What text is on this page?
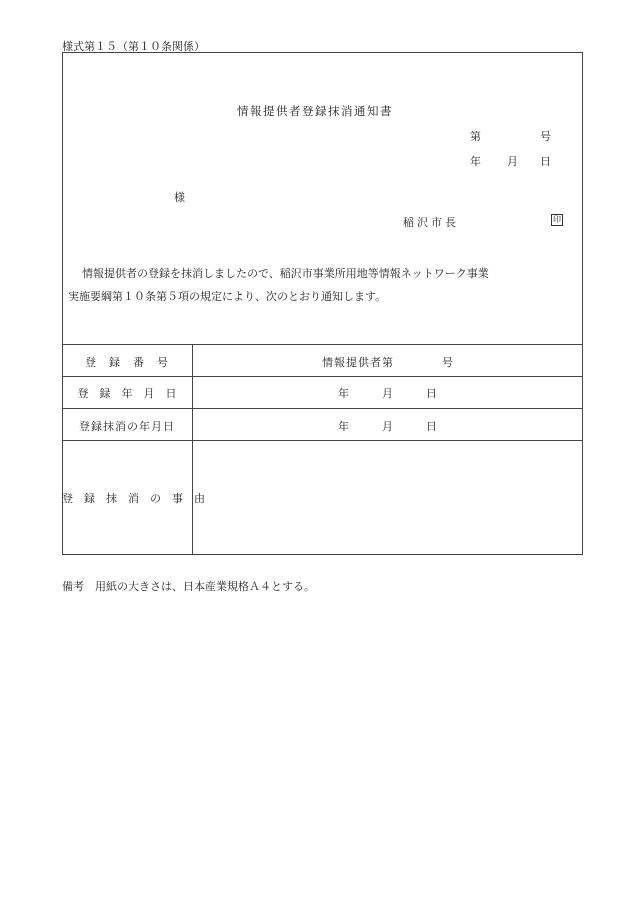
様式第１５（第１０条関係）
情報提供者登録抹消通知書
第	号
年 月 日
様
稲沢市長	印
情報提供者の登録を抹消しましたので、稲沢市事業所用地等情報ネットワーク事業
実施要綱第１０条第５項の規定により、次のとおり通知します。
登　録　番　号	情報提供者第	号
登　録　年　月　日	年	月	日
登録抹消の年月日	年	月	日
登　録　抹　消　の　事　由
備考　用紙の大きさは、日本産業規格Ａ４とする。
